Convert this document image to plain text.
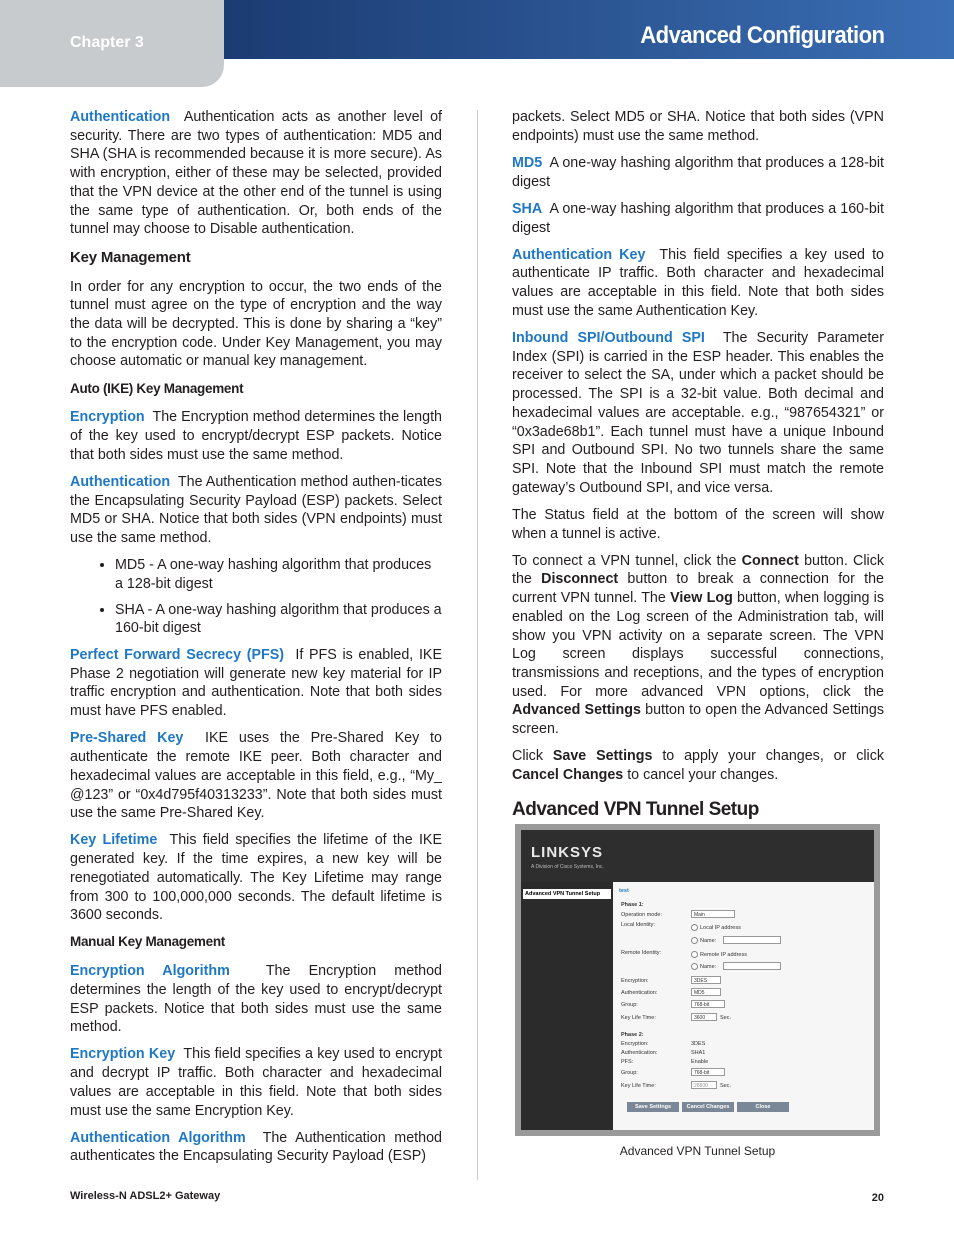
Chapter 3	Advanced Configuration

Authentication Authentication acts as another level of security. There are two types of authentication: MD5 and SHA (SHA is recommended because it is more secure). As with encryption, either of these may be selected, provided that the VPN device at the other end of the tunnel is using the same type of authentication. Or, both ends of the tunnel may choose to Disable authentication.

Key Management

In order for any encryption to occur, the two ends of the tunnel must agree on the type of encryption and the way the data will be decrypted. This is done by sharing a “key” to the encryption code. Under Key Management, you may choose automatic or manual key management.

Auto (IKE) Key Management

Encryption The Encryption method determines the length of the key used to encrypt/decrypt ESP packets. Notice that both sides must use the same method.

Authentication The Authentication method authen-ticates the Encapsulating Security Payload (ESP) packets. Select MD5 or SHA. Notice that both sides (VPN endpoints) must use the same method.

• MD5 - A one-way hashing algorithm that produces a 128-bit digest
• SHA - A one-way hashing algorithm that produces a 160-bit digest

Perfect Forward Secrecy (PFS) If PFS is enabled, IKE Phase 2 negotiation will generate new key material for IP traffic encryption and authentication. Note that both sides must have PFS enabled.

Pre-Shared Key IKE uses the Pre-Shared Key to authenticate the remote IKE peer. Both character and hexadecimal values are acceptable in this field, e.g., “My_ @123” or “0x4d795f40313233”. Note that both sides must use the same Pre-Shared Key.

Key Lifetime This field specifies the lifetime of the IKE generated key. If the time expires, a new key will be renegotiated automatically. The Key Lifetime may range from 300 to 100,000,000 seconds. The default lifetime is 3600 seconds.

Manual Key Management

Encryption Algorithm	The Encryption method determines the length of the key used to encrypt/decrypt ESP packets. Notice that both sides must use the same method.

Encryption Key This field specifies a key used to encrypt and decrypt IP traffic. Both character and hexadecimal values are acceptable in this field. Note that both sides must use the same Encryption Key.

Authentication Algorithm The Authentication method authenticates the Encapsulating Security Payload (ESP)

packets. Select MD5 or SHA. Notice that both sides (VPN endpoints) must use the same method.

MD5 A one-way hashing algorithm that produces a 128-bit digest

SHA A one-way hashing algorithm that produces a 160-bit digest

Authentication Key This field specifies a key used to authenticate IP traffic. Both character and hexadecimal values are acceptable in this field. Note that both sides must use the same Authentication Key.

Inbound SPI/Outbound SPI The Security Parameter Index (SPI) is carried in the ESP header. This enables the receiver to select the SA, under which a packet should be processed. The SPI is a 32-bit value. Both decimal and hexadecimal values are acceptable. e.g., “987654321” or “0x3ade68b1”. Each tunnel must have a unique Inbound SPI and Outbound SPI. No two tunnels share the same SPI. Note that the Inbound SPI must match the remote gateway’s Outbound SPI, and vice versa.

The Status field at the bottom of the screen will show when a tunnel is active.

To connect a VPN tunnel, click the Connect button. Click the Disconnect button to break a connection for the current VPN tunnel. The View Log button, when logging is enabled on the Log screen of the Administration tab, will show you VPN activity on a separate screen. The VPN Log screen displays successful connections, transmissions and receptions, and the types of encryption used. For more advanced VPN options, click the Advanced Settings button to open the Advanced Settings screen.

Click Save Settings to apply your changes, or click Cancel Changes to cancel your changes.

Advanced VPN Tunnel Setup
LINKSYS
A Division of Cisco Systems, Inc.
Advanced VPN Tunnel Setup	test
Phase 1:
Operation mode:	Main
Local Identity:	Local IP address
Name:
Remote Identity:	Remote IP address
Name:
Encryption:	3DES
Authentication:	MD5
Group:	768-bit
Key Life Time:	3600	Sec.
Phase 2:
Encryption:	3DES
Authentication:	SHA1
PFS:	Enable
Group:	768-bit
Key Life Time:	28800	Sec.
Save Settings	Cancel Changes	Close
Advanced VPN Tunnel Setup
Wireless-N ADSL2+ Gateway	20
